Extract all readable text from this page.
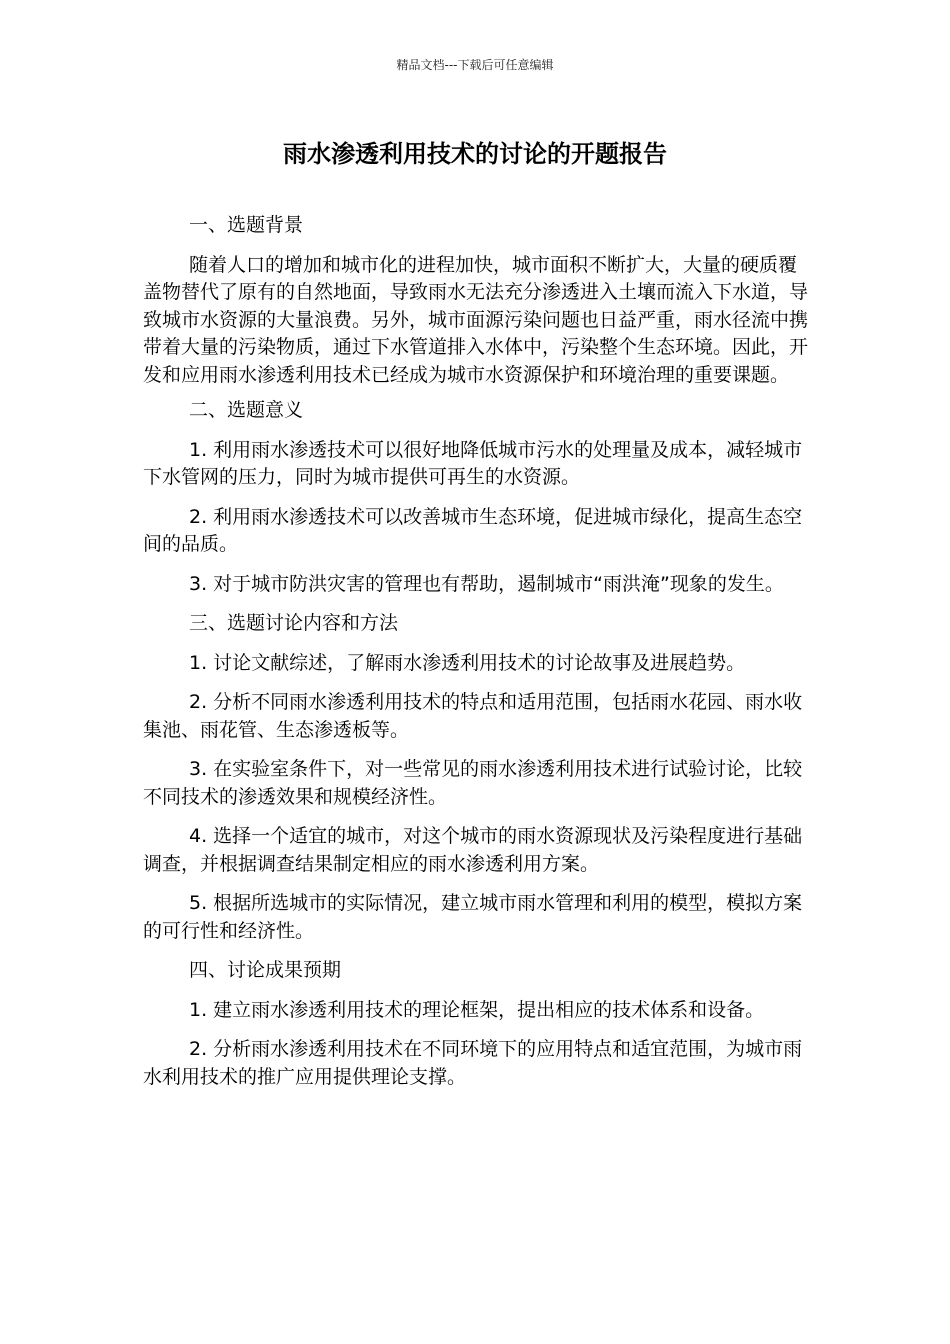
精品文档---下载后可任意编辑
雨水渗透利用技术的讨论的开题报告

一、选题背景

随着人口的增加和城市化的进程加快，城市面积不断扩大，大量的硬质覆盖物替代了原有的自然地面，导致雨水无法充分渗透进入土壤而流入下水道，导致城市水资源的大量浪费。另外，城市面源污染问题也日益严重，雨水径流中携带着大量的污染物质，通过下水管道排入水体中，污染整个生态环境。因此，开发和应用雨水渗透利用技术已经成为城市水资源保护和环境治理的重要课题。

二、选题意义

1. 利用雨水渗透技术可以很好地降低城市污水的处理量及成本，减轻城市下水管网的压力，同时为城市提供可再生的水资源。

2. 利用雨水渗透技术可以改善城市生态环境，促进城市绿化，提高生态空间的品质。

3. 对于城市防洪灾害的管理也有帮助，遏制城市“雨洪淹”现象的发生。

三、选题讨论内容和方法

1. 讨论文献综述，了解雨水渗透利用技术的讨论故事及进展趋势。

2. 分析不同雨水渗透利用技术的特点和适用范围，包括雨水花园、雨水收集池、雨花管、生态渗透板等。

3. 在实验室条件下，对一些常见的雨水渗透利用技术进行试验讨论，比较不同技术的渗透效果和规模经济性。

4. 选择一个适宜的城市，对这个城市的雨水资源现状及污染程度进行基础调查，并根据调查结果制定相应的雨水渗透利用方案。

5. 根据所选城市的实际情况，建立城市雨水管理和利用的模型，模拟方案的可行性和经济性。

四、讨论成果预期

1. 建立雨水渗透利用技术的理论框架，提出相应的技术体系和设备。

2. 分析雨水渗透利用技术在不同环境下的应用特点和适宜范围，为城市雨水利用技术的推广应用提供理论支撑。
